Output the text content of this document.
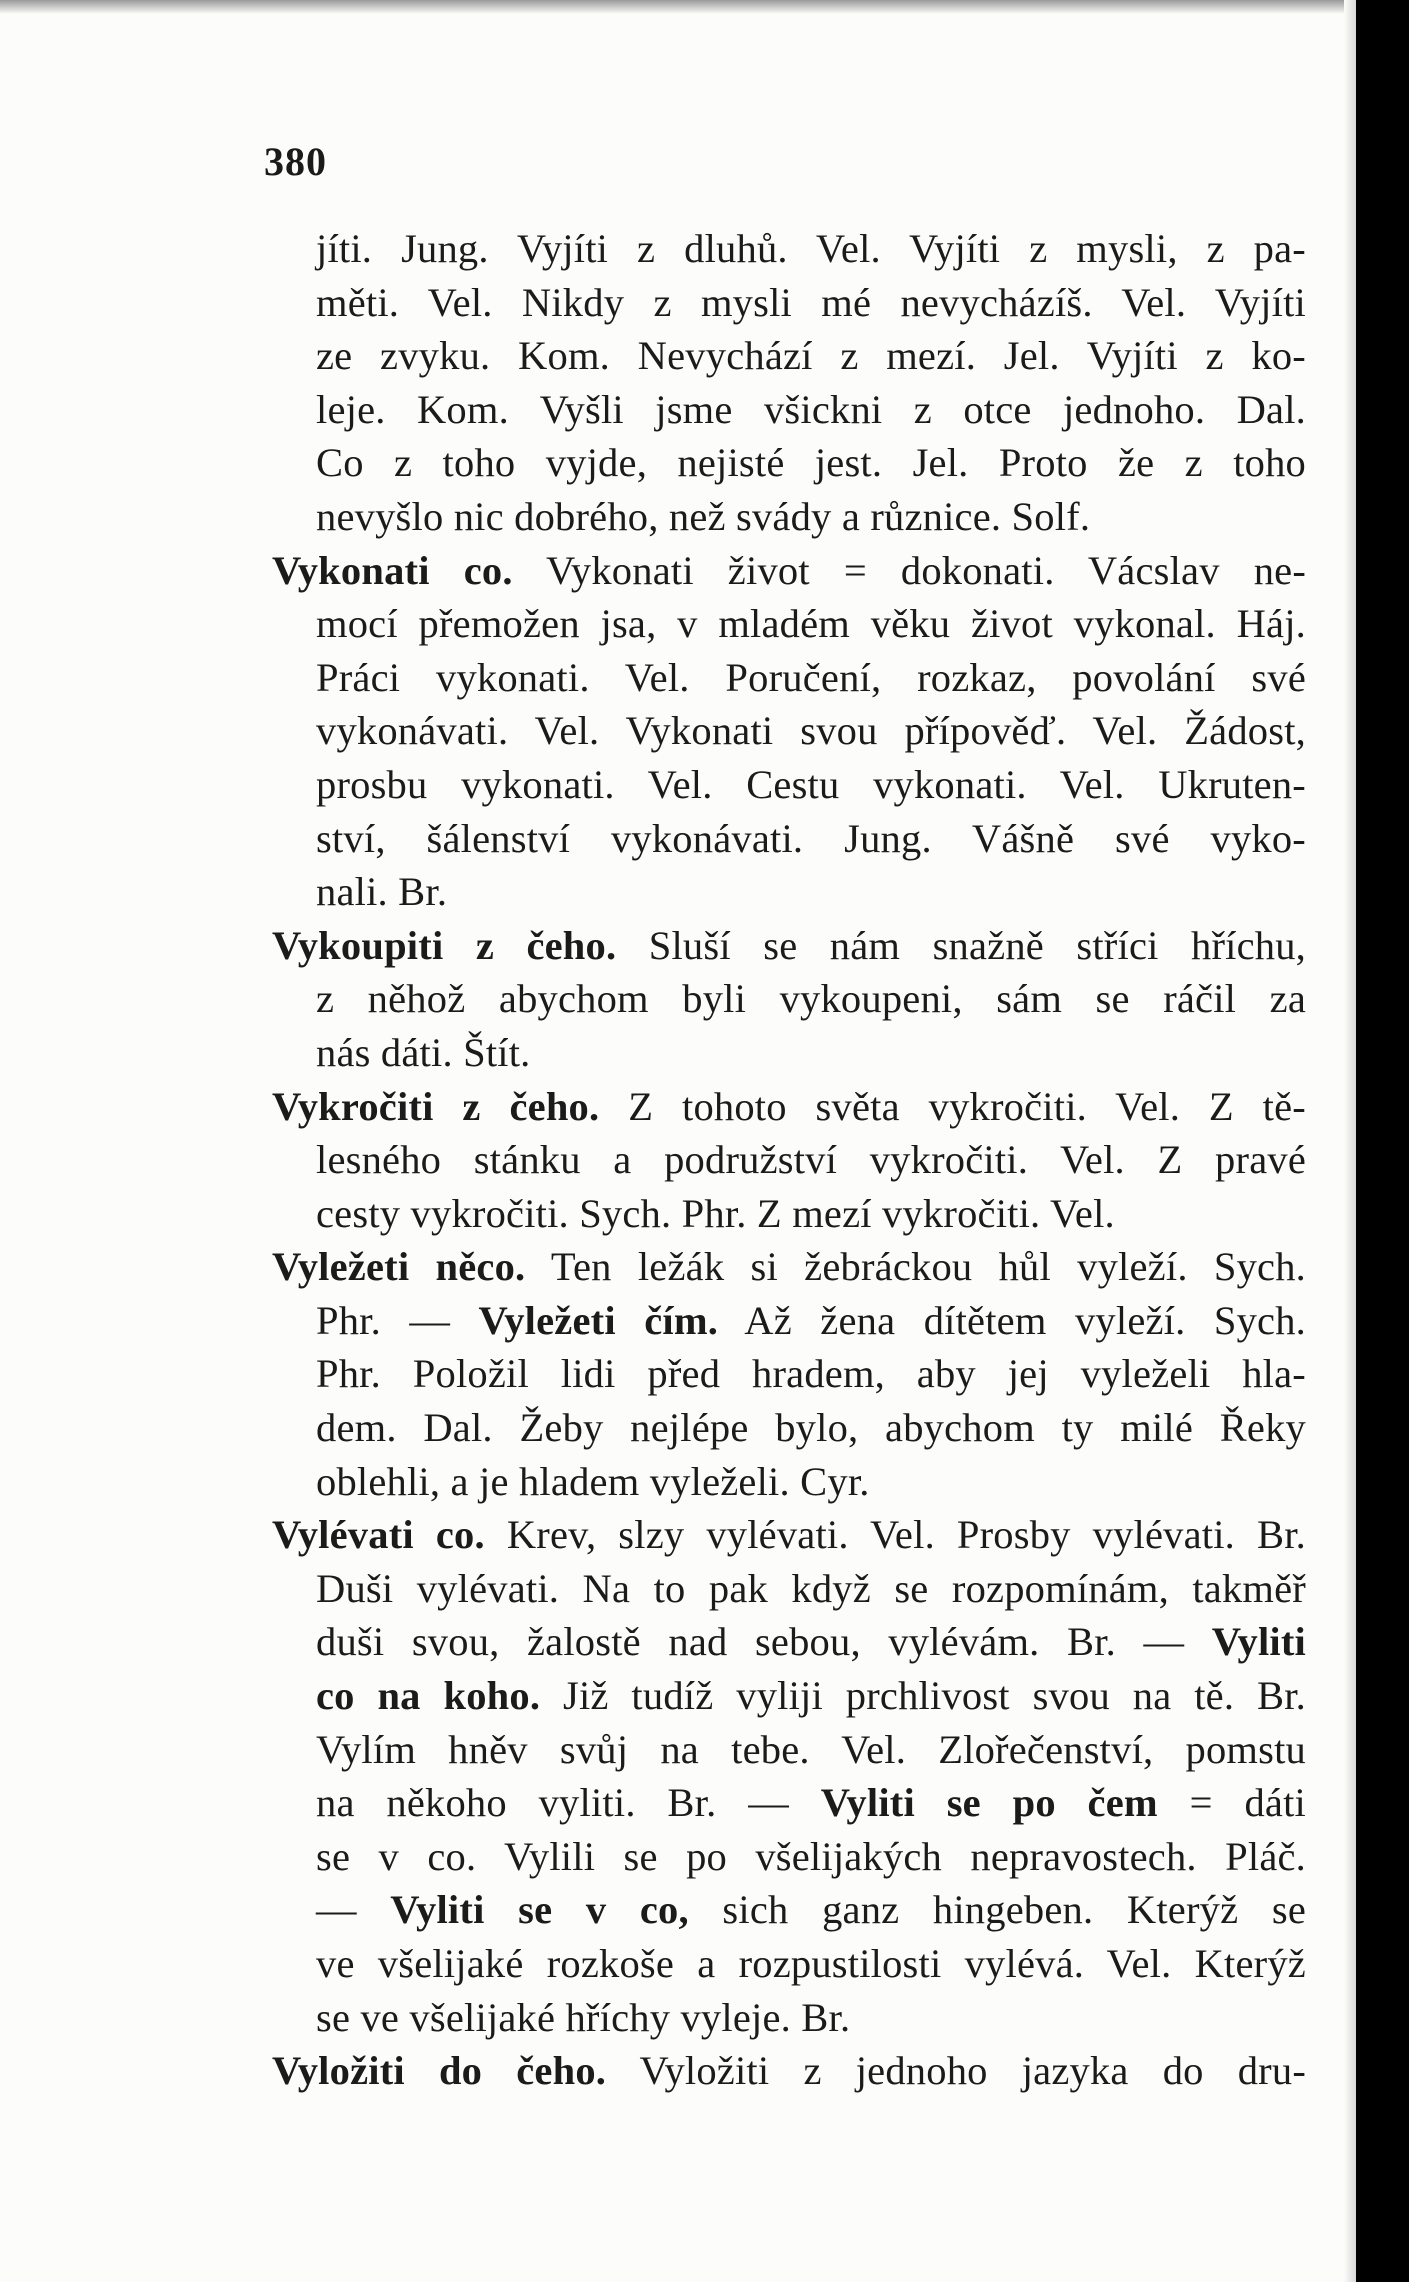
380
jíti. Jung. Vyjíti z dluhů. Vel. Vyjíti z mysli, z pa-
měti. Vel. Nikdy z mysli mé nevycházíš. Vel. Vyjíti
ze zvyku. Kom. Nevychází z mezí. Jel. Vyjíti z ko-
leje. Kom. Vyšli jsme všickni z otce jednoho. Dal.
Co z toho vyjde, nejisté jest. Jel. Proto že z toho
nevyšlo nic dobrého, než svády a různice. Solf.
Vykonati co. Vykonati život = dokonati. Vácslav ne-
mocí přemožen jsa, v mladém věku život vykonal. Háj.
Práci vykonati. Vel. Poručení, rozkaz, povolání své
vykonávati. Vel. Vykonati svou přípověď. Vel. Žádost,
prosbu vykonati. Vel. Cestu vykonati. Vel. Ukruten-
ství, šálenství vykonávati. Jung. Vášně své vyko-
nali. Br.
Vykoupiti z čeho. Sluší se nám snažně stříci hříchu,
z něhož abychom byli vykoupeni, sám se ráčil za
nás dáti. Štít.
Vykročiti z čeho. Z tohoto světa vykročiti. Vel. Z tě-
lesného stánku a podružství vykročiti. Vel. Z pravé
cesty vykročiti. Sych. Phr. Z mezí vykročiti. Vel.
Vyležeti něco. Ten ležák si žebráckou hůl vyleží. Sych.
Phr. — Vyležeti čím. Až žena dítětem vyleží. Sych.
Phr. Položil lidi před hradem, aby jej vyleželi hla-
dem. Dal. Žeby nejlépe bylo, abychom ty milé Řeky
oblehli, a je hladem vyleželi. Cyr.
Vylévati co. Krev, slzy vylévati. Vel. Prosby vylévati. Br.
Duši vylévati. Na to pak když se rozpomínám, takměř
duši svou, žalostě nad sebou, vylévám. Br. — Vyliti
co na koho. Již tudíž vyliji prchlivost svou na tě. Br.
Vylím hněv svůj na tebe. Vel. Zlořečenství, pomstu
na někoho vyliti. Br. — Vyliti se po čem = dáti
se v co. Vylili se po všelijakých nepravostech. Pláč.
— Vyliti se v co, sich ganz hingeben. Kterýž se
ve všelijaké rozkoše a rozpustilosti vylévá. Vel. Kterýž
se ve všelijaké hříchy vyleje. Br.
Vyložiti do čeho. Vyložiti z jednoho jazyka do dru-
